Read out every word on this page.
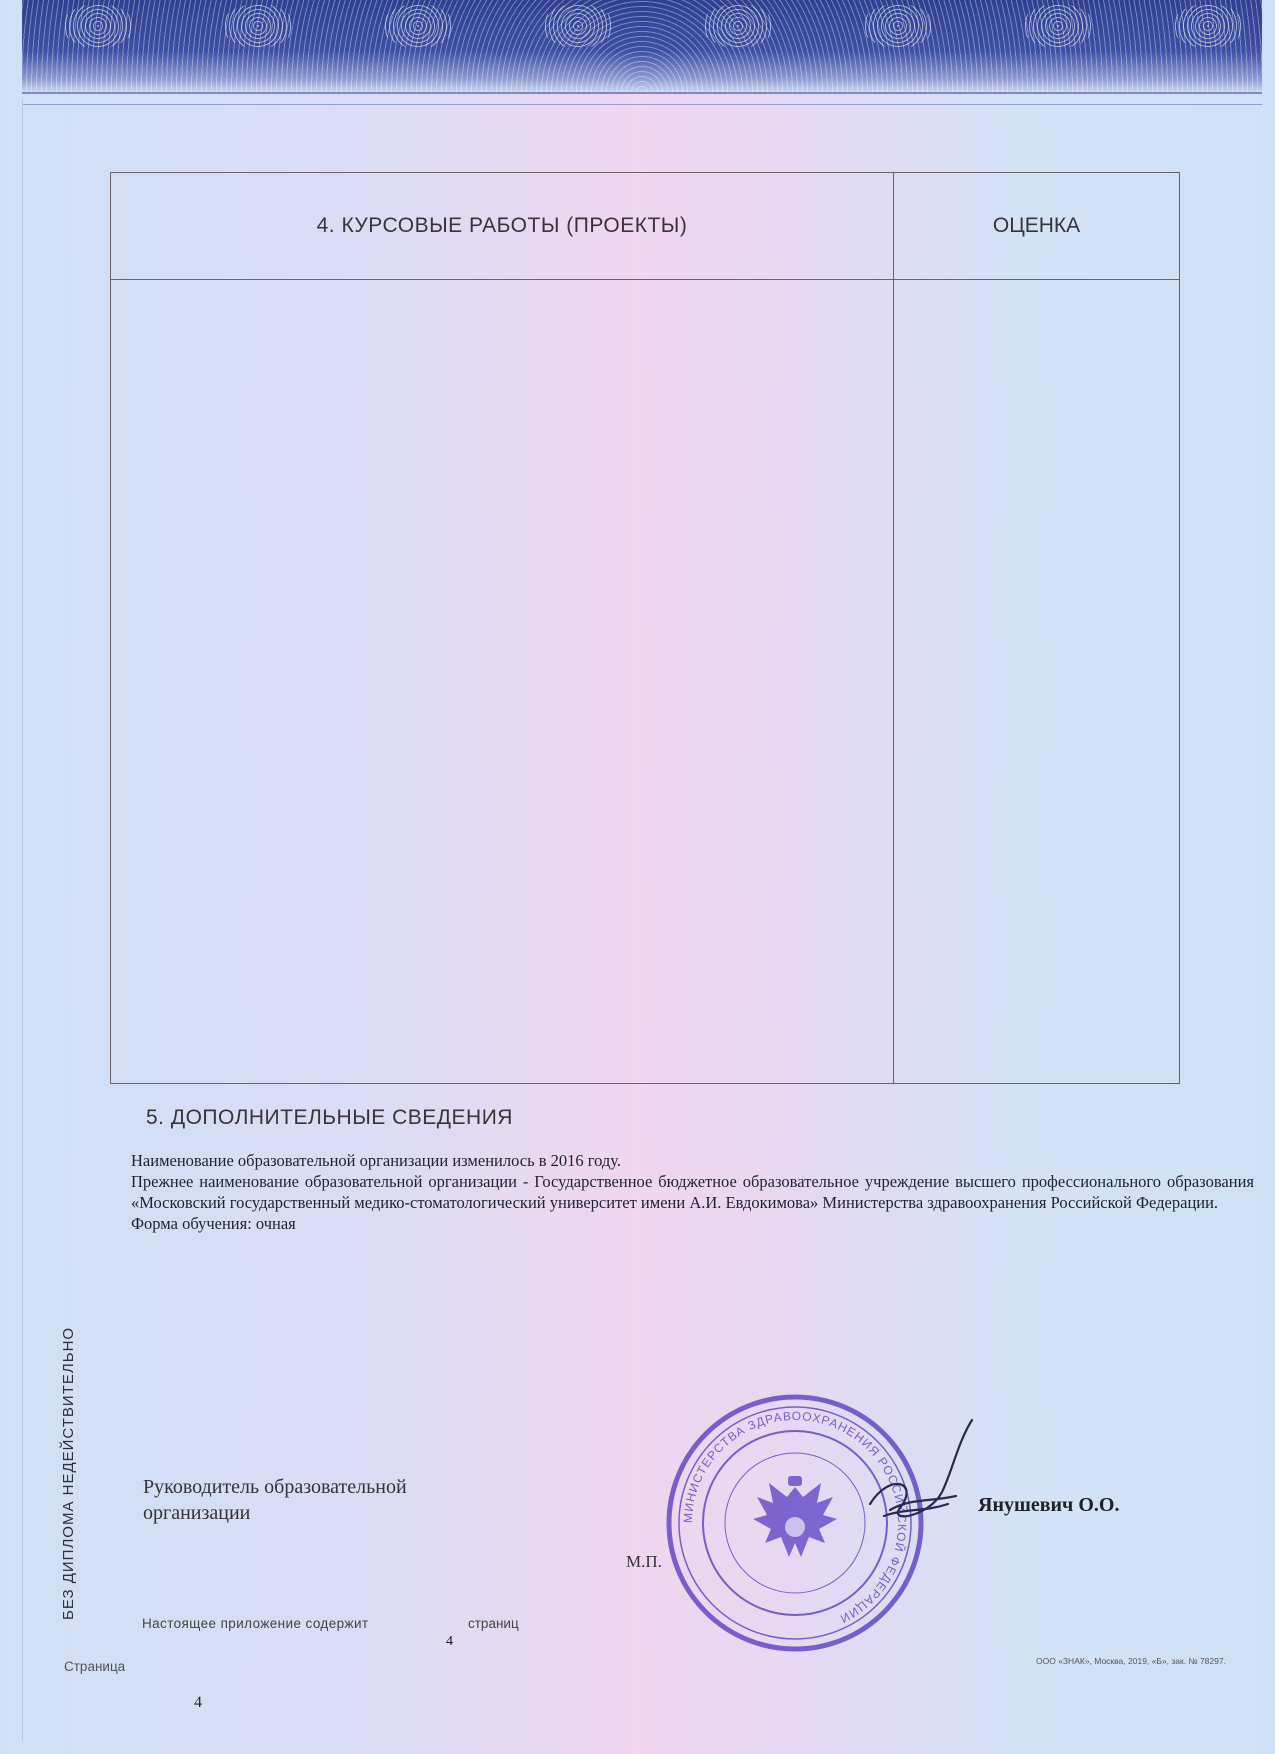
4. КУРСОВЫЕ РАБОТЫ (ПРОЕКТЫ)	ОЦЕНКА

5. ДОПОЛНИТЕЛЬНЫЕ СВЕДЕНИЯ

Наименование образовательной организации изменилось в 2016 году.

Прежнее наименование образовательной организации - Государственное бюджетное образовательное учреждение высшего профессионального образования «Московский государственный медико-стоматологический университет имени А.И. Евдокимова» Министерства здравоохранения Российской Федерации.

Форма обучения: очная

БЕЗ ДИПЛОМА НЕДЕЙСТВИТЕЛЬНО	Руководитель образовательной
организации	МИНИСТЕРСТВА ЗДРАВООХРАНЕНИЯ РОССИЙСКОЙ ФЕДЕРАЦИИ
М.П.
Янушевич О.О.
Настоящее приложение содержит
4
страниц
Страница
4
ООО «ЗНАК», Москва, 2019, «Б», зак. № 78297.
